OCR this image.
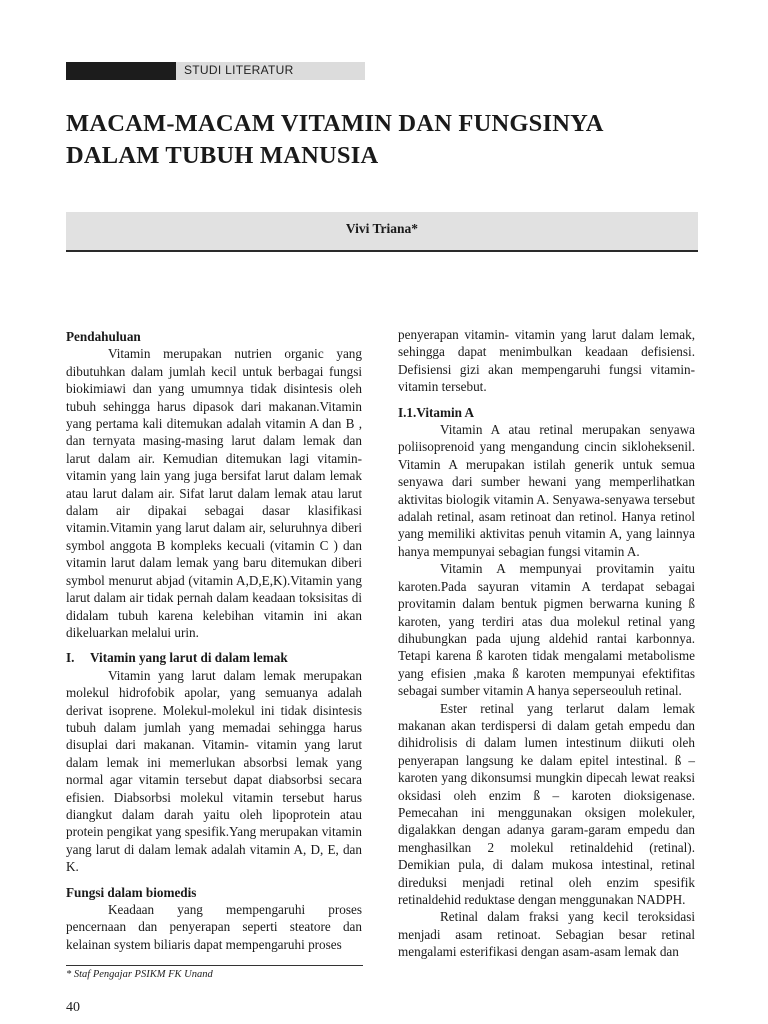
STUDI LITERATUR
MACAM-MACAM VITAMIN DAN FUNGSINYA
DALAM TUBUH MANUSIA
Vivi Triana*
Pendahuluan

Vitamin merupakan nutrien organic yang dibutuhkan dalam jumlah kecil untuk berbagai fungsi biokimiawi dan yang umumnya tidak disintesis oleh tubuh sehingga harus dipasok dari makanan.Vitamin yang pertama kali ditemukan adalah vitamin A dan B , dan ternyata masing-masing larut dalam lemak dan larut dalam air. Kemudian ditemukan lagi vitamin-vitamin yang lain yang juga bersifat larut dalam lemak atau larut dalam air. Sifat larut dalam lemak atau larut dalam air dipakai sebagai dasar klasifikasi vitamin.Vitamin yang larut dalam air, seluruhnya diberi symbol anggota B kompleks kecuali (vitamin C ) dan vitamin larut dalam lemak yang baru ditemukan diberi symbol menurut abjad (vitamin A,D,E,K).Vitamin yang larut dalam air tidak pernah dalam keadaan toksisitas di didalam tubuh karena kelebihan vitamin ini akan dikeluarkan melalui urin.

I. Vitamin yang larut di dalam lemak

Vitamin yang larut dalam lemak merupakan molekul hidrofobik apolar, yang semuanya adalah derivat isoprene. Molekul-molekul ini tidak disintesis tubuh dalam jumlah yang memadai sehingga harus disuplai dari makanan. Vitamin- vitamin yang larut dalam lemak ini memerlukan absorbsi lemak yang normal agar vitamin tersebut dapat diabsorbsi secara efisien. Diabsorbsi molekul vitamin tersebut harus diangkut dalam darah yaitu oleh lipoprotein atau protein pengikat yang spesifik.Yang merupakan vitamin yang larut di dalam lemak adalah vitamin A, D, E, dan K.

Fungsi dalam biomedis

Keadaan yang mempengaruhi proses pencernaan dan penyerapan seperti steatore dan kelainan system biliaris dapat mempengaruhi proses

penyerapan vitamin- vitamin yang larut dalam lemak, sehingga dapat menimbulkan keadaan defisiensi. Defisiensi gizi akan mempengaruhi fungsi vitamin-vitamin tersebut.

I.1.Vitamin A

Vitamin A atau retinal merupakan senyawa poliisoprenoid yang mengandung cincin sikloheksenil. Vitamin A merupakan istilah generik untuk semua senyawa dari sumber hewani yang memperlihatkan aktivitas biologik vitamin A. Senyawa-senyawa tersebut adalah retinal, asam retinoat dan retinol. Hanya retinol yang memiliki aktivitas penuh vitamin A, yang lainnya hanya mempunyai sebagian fungsi vitamin A.

Vitamin A mempunyai provitamin yaitu karoten.Pada sayuran vitamin A terdapat sebagai provitamin dalam bentuk pigmen berwarna kuning ß karoten, yang terdiri atas dua molekul retinal yang dihubungkan pada ujung aldehid rantai karbonnya. Tetapi karena ß karoten tidak mengalami metabolisme yang efisien ,maka ß karoten mempunyai efektifitas sebagai sumber vitamin A hanya seperseouluh retinal.

Ester retinal yang terlarut dalam lemak makanan akan terdispersi di dalam getah empedu dan dihidrolisis di dalam lumen intestinum diikuti oleh penyerapan langsung ke dalam epitel intestinal. ß – karoten yang dikonsumsi mungkin dipecah lewat reaksi oksidasi oleh enzim ß – karoten dioksigenase. Pemecahan ini menggunakan oksigen molekuler, digalakkan dengan adanya garam-garam empedu dan menghasilkan 2 molekul retinaldehid (retinal). Demikian pula, di dalam mukosa intestinal, retinal direduksi menjadi retinal oleh enzim spesifik retinaldehid reduktase dengan menggunakan NADPH.

Retinal dalam fraksi yang kecil teroksidasi menjadi asam retinoat. Sebagian besar retinal mengalami esterifikasi dengan asam-asam lemak dan

* Staf Pengajar PSIKM FK Unand
40
